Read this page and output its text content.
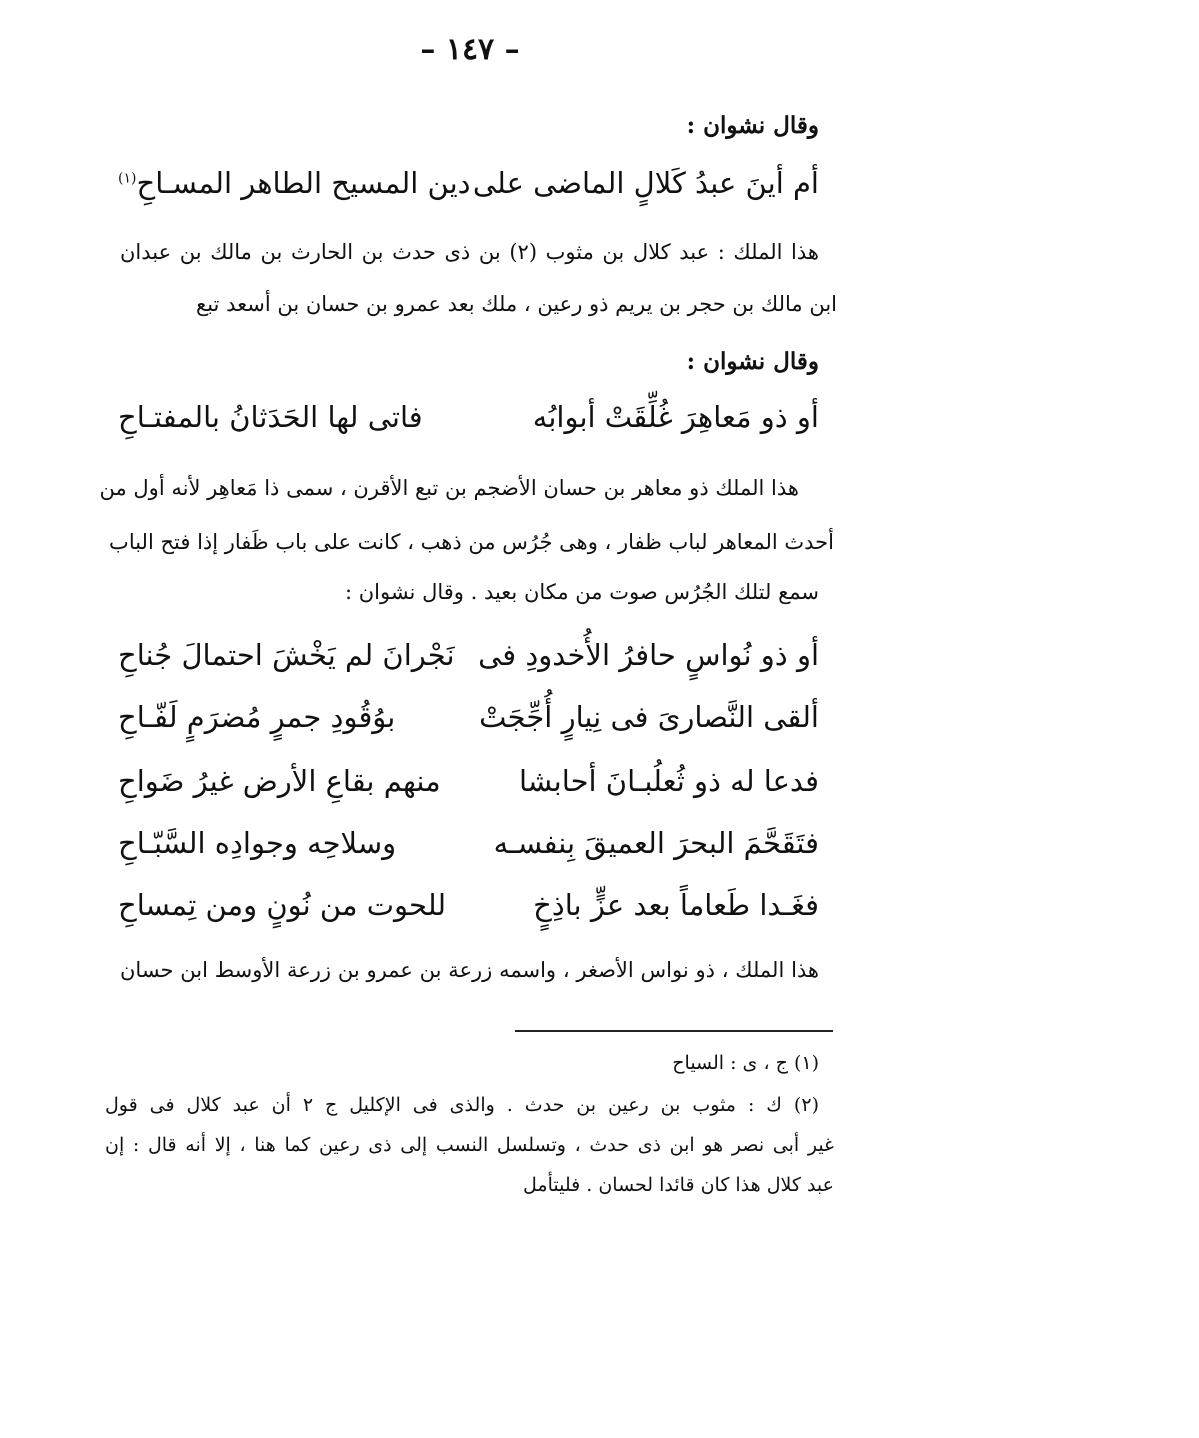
– ١٤٧ –
وقال نشوان :
أم أينَ عبدُ كَلالٍ الماضى على
دين المسيح الطاهر المسـاحِ$^{(١)}$
هذا الملك : عبد كلال بن مثوب (٢) بن ذى حدث بن الحارث بن مالك بن عبدان
ابن مالك بن حجر بن يريم ذو رعين ، ملك بعد عمرو بن حسان بن أسعد تبع
وقال نشوان :
أو ذو مَعاهِرَ غُلِّقَتْ أبوابُه
فاتى لها الحَدَثانُ بالمفتـاحِ
هذا الملك ذو معاهر بن حسان الأضجم بن تبع الأقرن ، سمى ذا مَعاهِر لأنه أول من
أحدث المعاهر لباب ظفار ، وهى جُرُس من ذهب ، كانت على باب ظَفار إذا فتح الباب
سمع لتلك الجُرُس صوت من مكان بعيد . وقال نشوان :
أو ذو نُواسٍ حافرُ الأُخدودِ فى
نَجْرانَ لم يَخْشَ احتمالَ جُناحِ
ألقى النَّصارىَ فى نِيارٍ أُجِّجَتْ
بوُقُودِ جمرٍ مُضرَمٍ لَفّـاحِ
فدعا له ذو ثُعلُبـانَ أحابشا
منهم بقاعِ الأرض غيرُ ضَواحِ
فتَقَحَّمَ البحرَ العميقَ بِنفسـه
وسلاحِه وجوادِه السَّبّـاحِ
فغَـدا طَعاماً بعد عزٍّ باذِخٍ
للحوت من نُونٍ ومن تِمساحِ
هذا الملك ، ذو نواس الأصغر ، واسمه زرعة بن عمرو بن زرعة الأوسط ابن حسان
(١) ج ، ى : السياح
(٢) ك : مثوب بن رعين بن حدث . والذى فى الإكليل ج ٢ أن عبد كلال فى قول
غير أبى نصر هو ابن ذى حدث ، وتسلسل النسب إلى ذى رعين كما هنا ، إلا أنه قال : إن
عبد كلال هذا كان قائدا لحسان . فليتأمل
